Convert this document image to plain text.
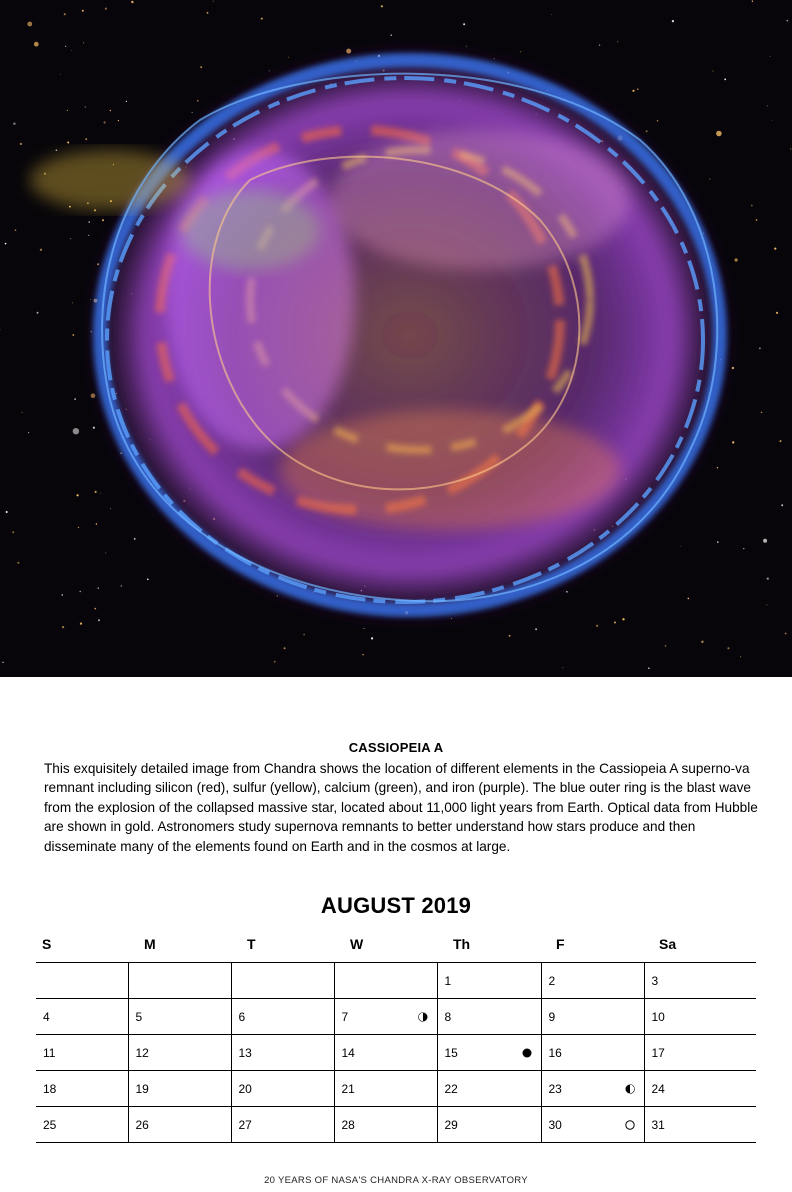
CASSIOPEIA A
This exquisitely detailed image from Chandra shows the location of different elements in the Cassiopeia A superno-va remnant including silicon (red), sulfur (yellow), calcium (green), and iron (purple). The blue outer ring is the blast wave from the explosion of the collapsed massive star, located about 11,000 light years from Earth. Optical data from Hubble are shown in gold. Astronomers study supernova remnants to better understand how stars produce and then disseminate many of the elements found on Earth and in the cosmos at large.
AUGUST 2019
S	M	T	W	Th	F	Sa
				1	2	3
4	5	6	7	8	9	10
11	12	13	14	15	16	17
18	19	20	21	22	23	24
25	26	27	28	29	30	31
20 YEARS OF NASA'S CHANDRA X-RAY OBSERVATORY
